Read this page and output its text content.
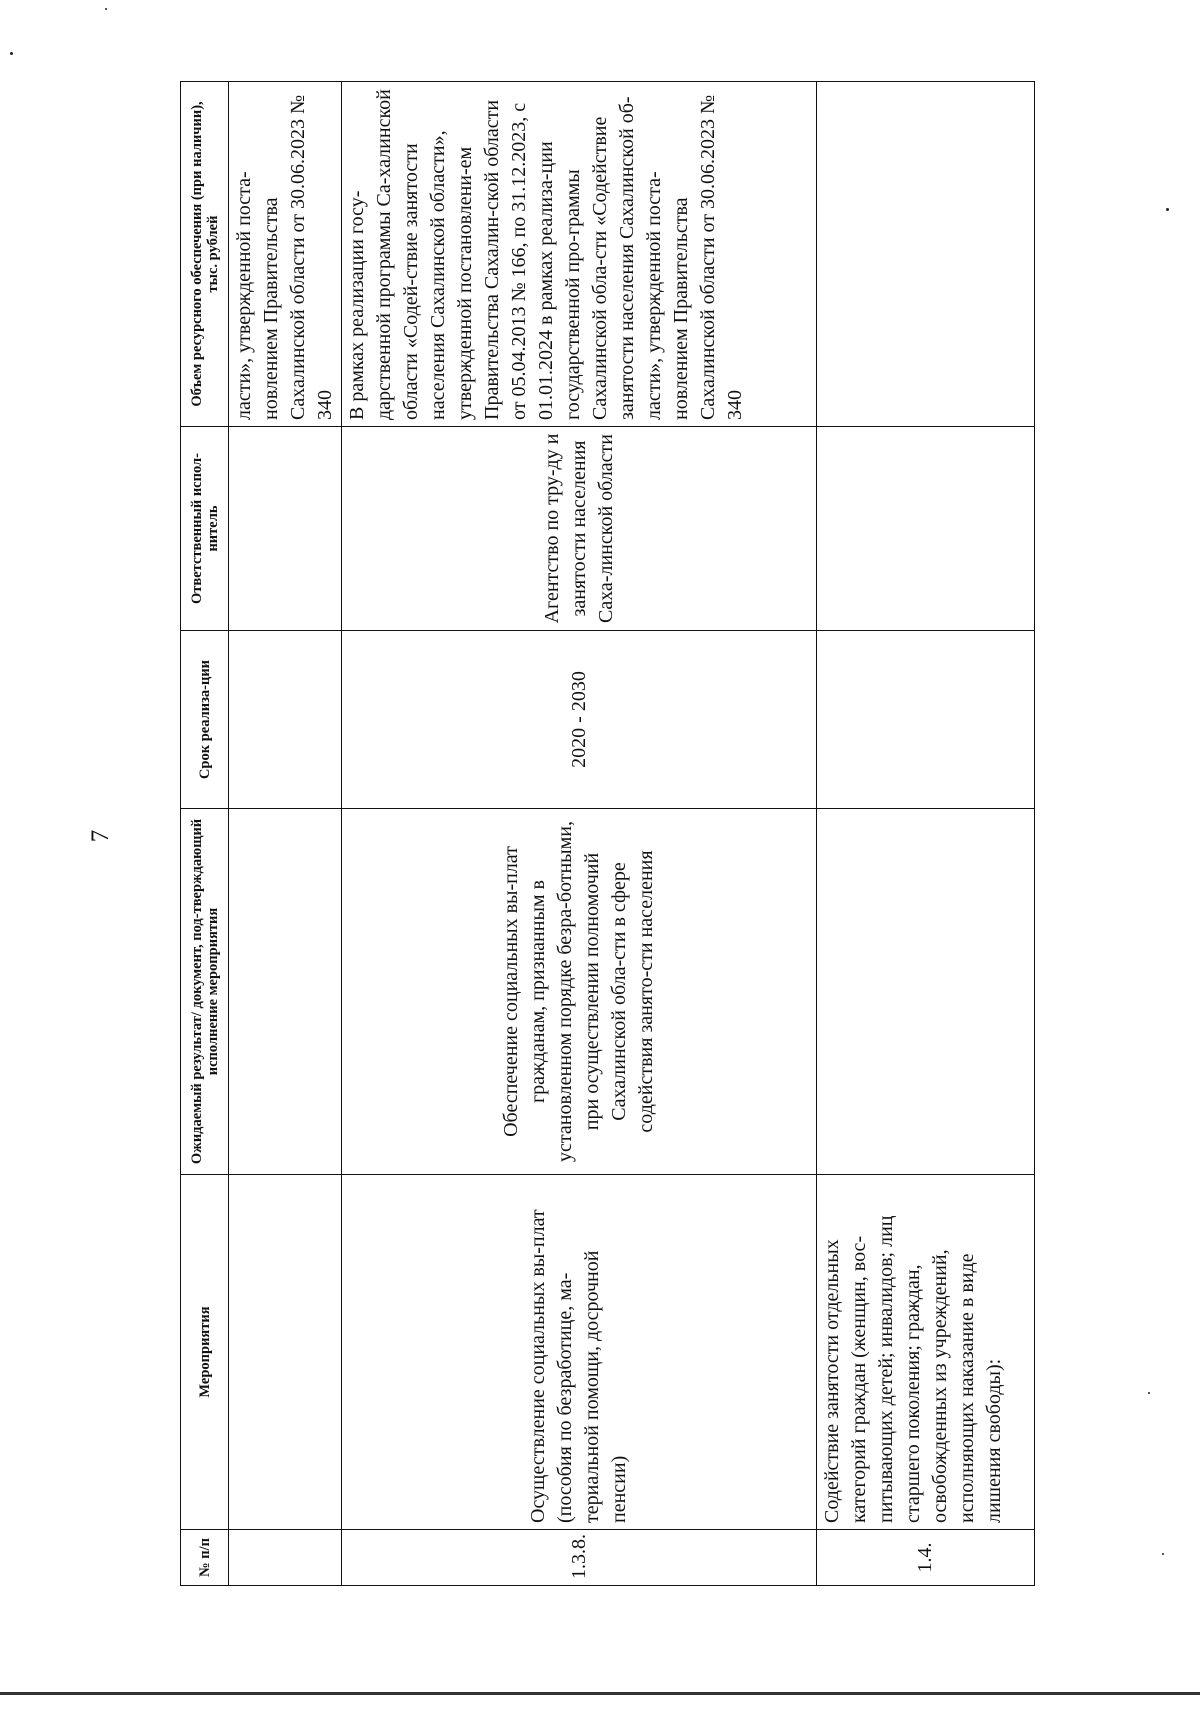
7
№ п/п	Мероприятия	Ожидаемый результат/ документ, под-тверждающий исполнение мероприятия	Срок реализа-ции	Ответственный испол-нитель	Объем ресурсного обеспечения (при наличии), тыс. рублей
					ласти», утвержденной поста-новлением Правительства Сахалинской области от 30.06.2023 № 340
1.3.8.	Осуществление социальных вы-плат (пособия по безработице, ма-териальной помощи, досрочной пенсии)	Обеспечение социальных вы-плат гражданам, признанным в установленном порядке безра-ботными, при осуществлении полномочий Сахалинской обла-сти в сфере содействия занято-сти населения	2020 - 2030	Агентство по тру-ду и занятости населения Саха-линской области	В рамках реализации госу-дарственной программы Са-халинской области «Содей-ствие занятости населения Сахалинской области», утвержденной постановлени-ем Правительства Сахалин-ской области от 05.04.2013 № 166, по 31.12.2023, с 01.01.2024 в рамках реализа-ции государственной про-граммы Сахалинской обла-сти «Содействие занятости населения Сахалинской об-ласти», утвержденной поста-новлением Правительства Сахалинской области от 30.06.2023 № 340
1.4.	Содействие занятости отдельных категорий граждан (женщин, вос-питывающих детей; инвалидов; лиц старшего поколения; граждан, освобожденных из учреждений, исполняющих наказание в виде лишения свободы):				
